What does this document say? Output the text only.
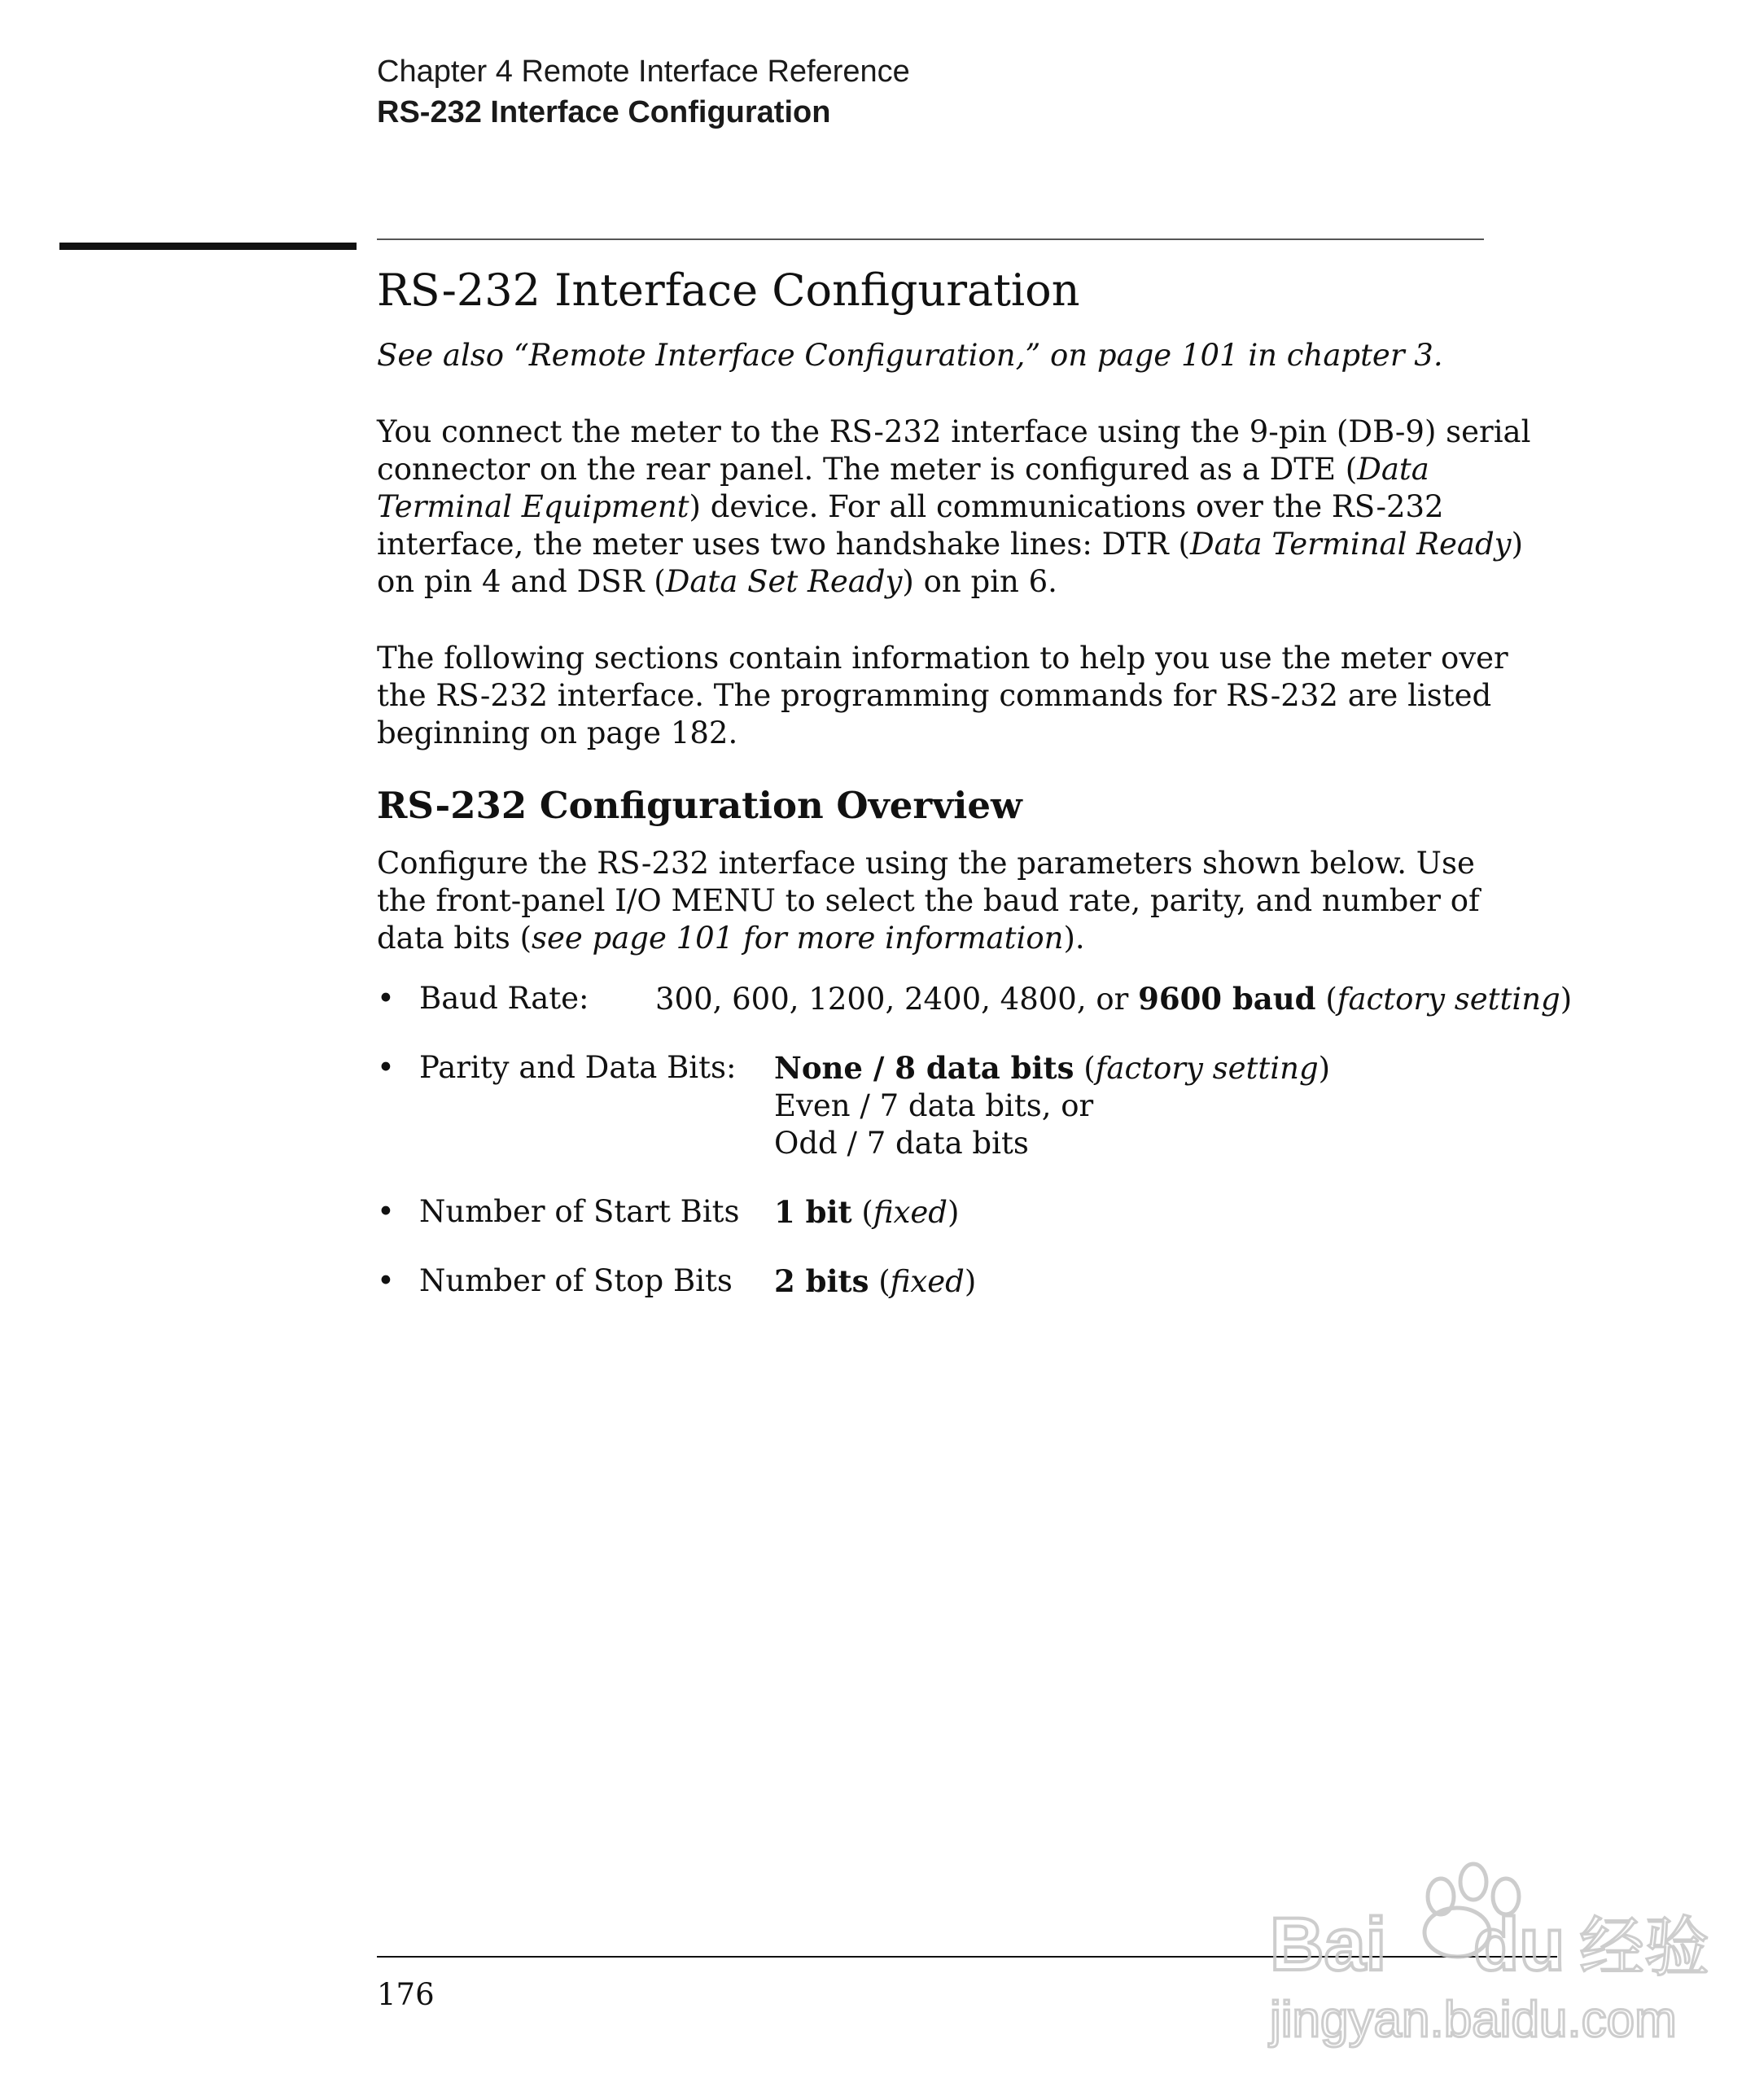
Chapter 4 Remote Interface Reference
RS-232 Interface Configuration
RS-232 Interface Configuration
See also “Remote Interface Configuration,” on page 101 in chapter 3.

You connect the meter to the RS-232 interface using the 9-pin (DB-9) serial connector on the rear panel. The meter is configured as a DTE (Data Terminal Equipment) device. For all communications over the RS-232 interface, the meter uses two handshake lines: DTR (Data Terminal Ready) on pin 4 and DSR (Data Set Ready) on pin 6.

The following sections contain information to help you use the meter over the RS-232 interface. The programming commands for RS-232 are listed beginning on page 182.

RS-232 Configuration Overview

Configure the RS-232 interface using the parameters shown below. Use the front-panel I/O MENU to select the baud rate, parity, and number of data bits (see page 101 for more information).

• Baud Rate:	300, 600, 1200, 2400, 4800, or 9600 baud (factory setting)
• Parity and Data Bits:	None / 8 data bits (factory setting)
Even / 7 data bits, or
Odd / 7 data bits
• Number of Start Bits	1 bit (fixed)
• Number of Stop Bits	2 bits (fixed)
176
Bai du 经验
jingyan.baidu.com
